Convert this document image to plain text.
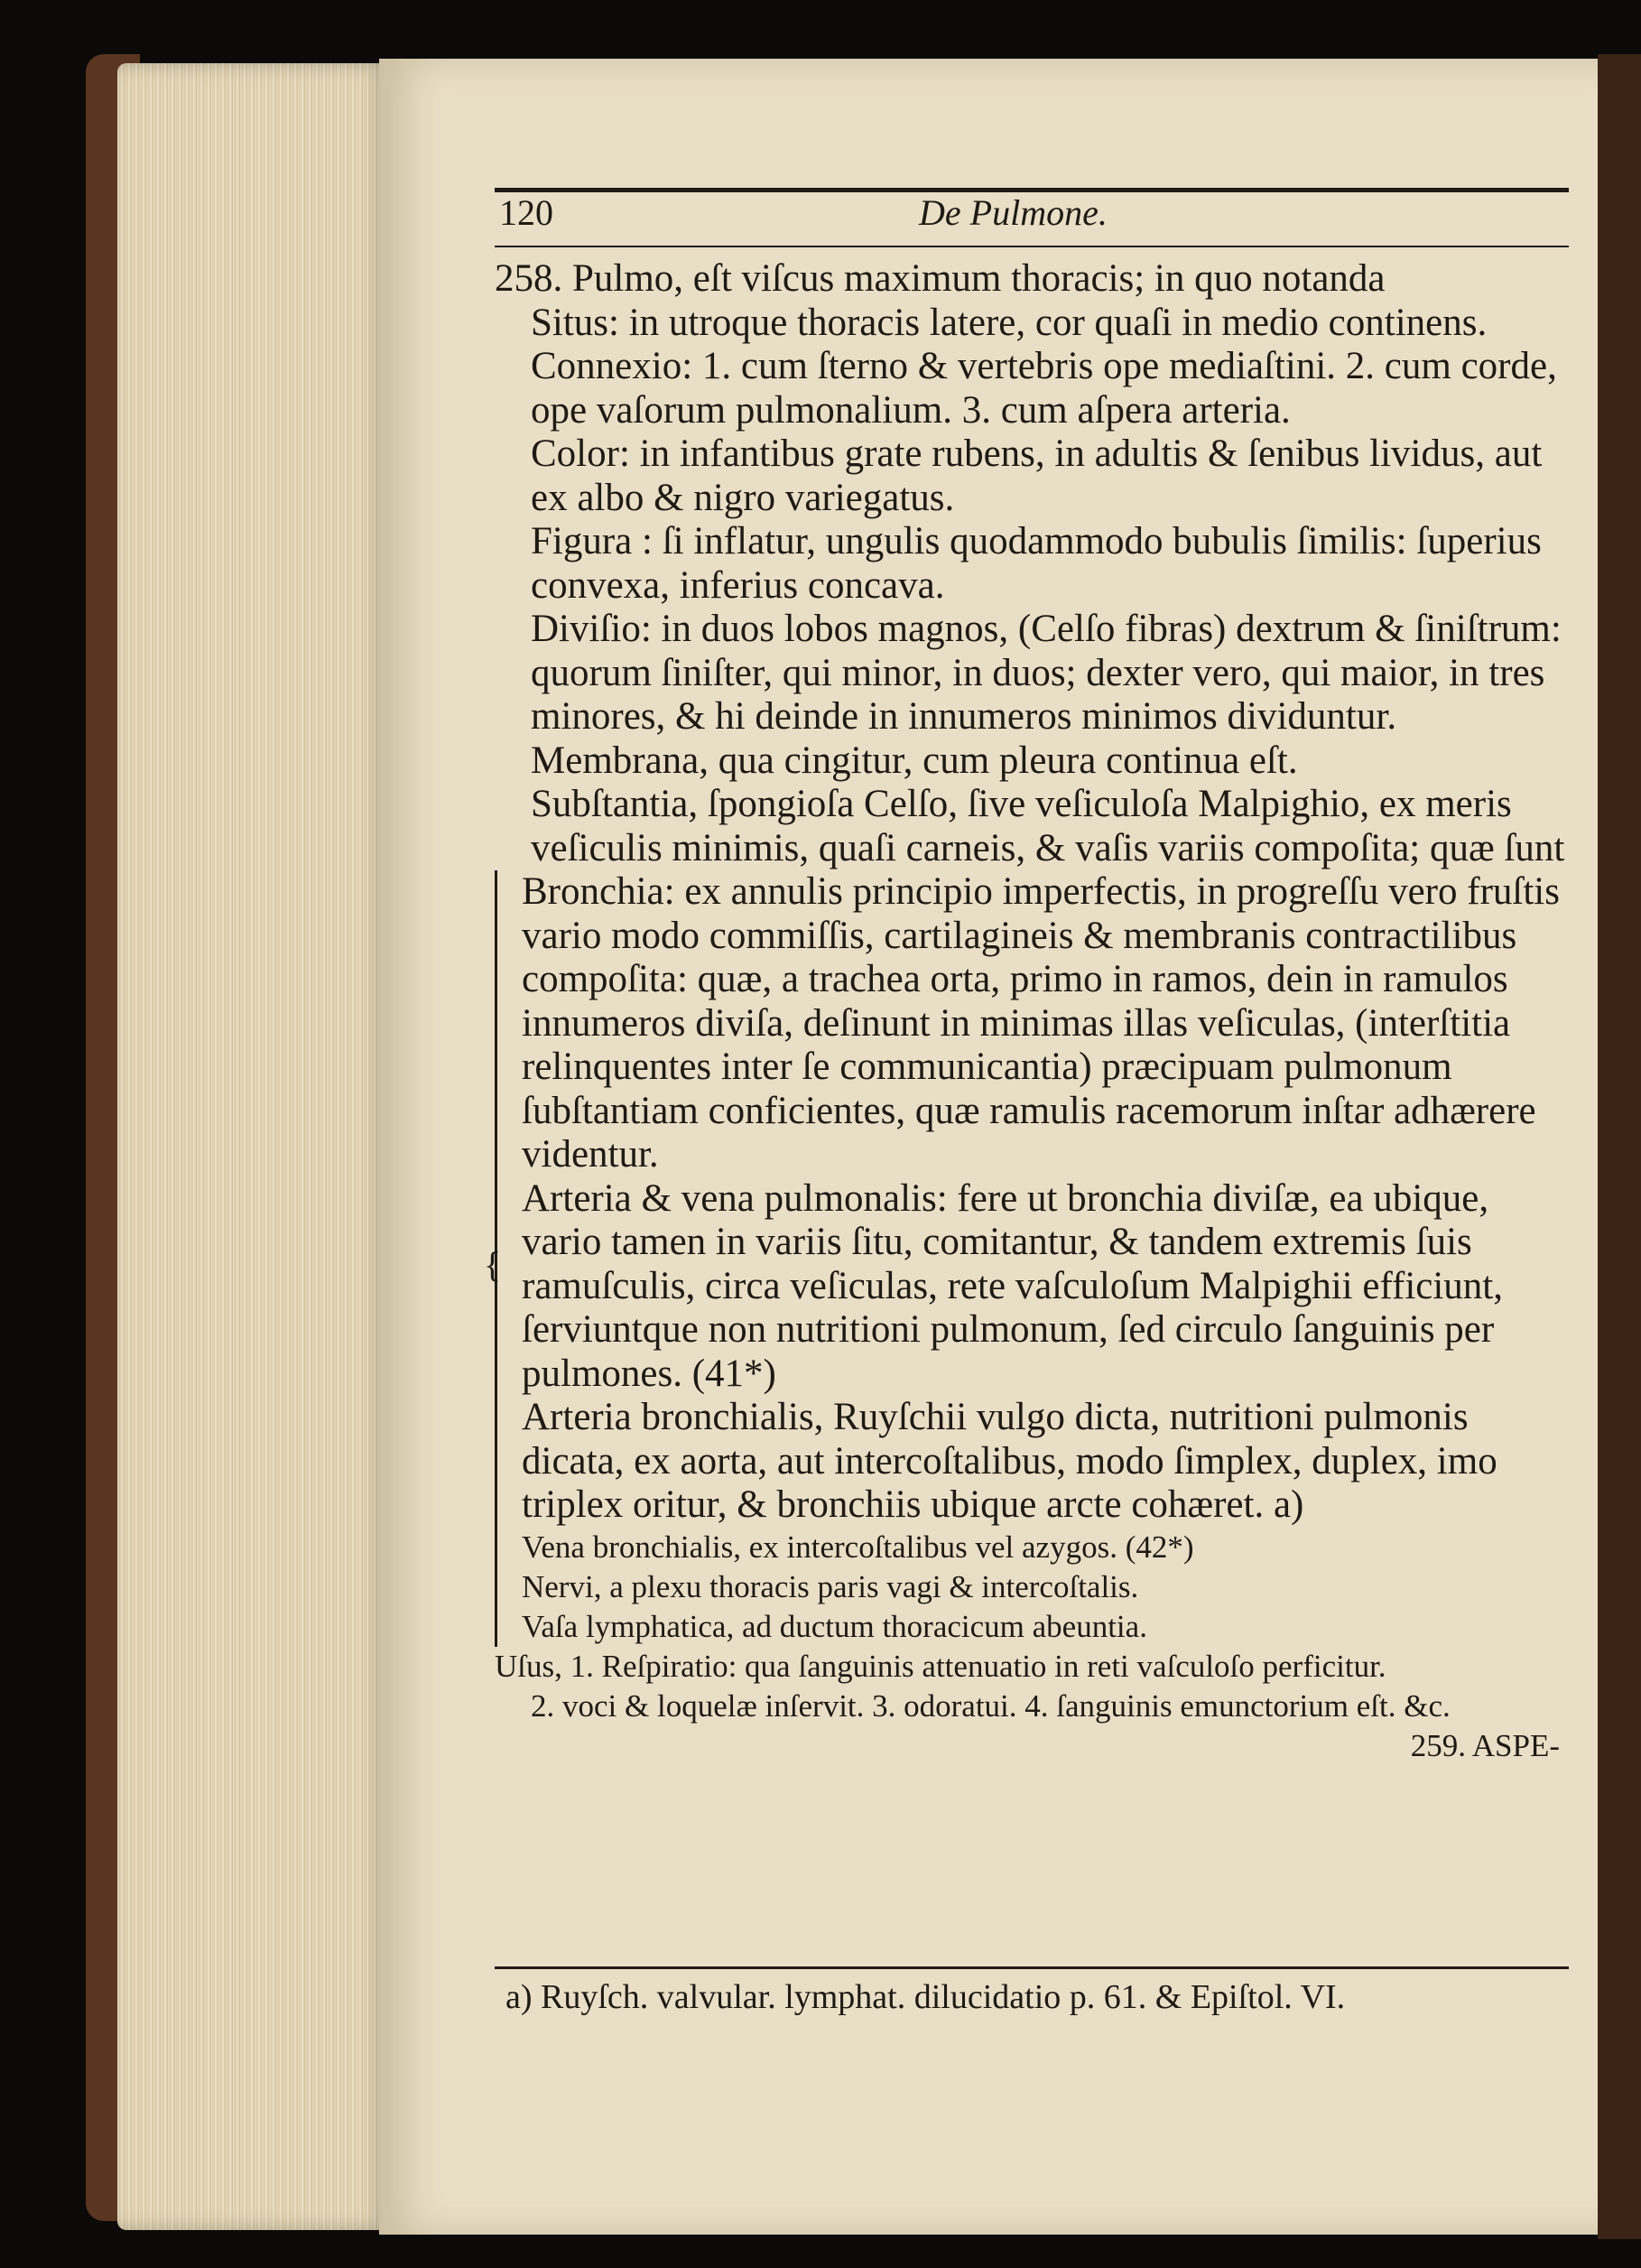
120	De Pulmone.

258. Pulmo, eſt viſcus maximum thoracis; in quo notanda

Situs: in utroque thoracis latere, cor quaſi in medio continens.

Connexio: 1. cum ſterno & vertebris ope mediaſtini. 2. cum corde, ope vaſorum pulmonalium. 3. cum aſpera arteria.

Color: in infantibus grate rubens, in adultis & ſenibus lividus, aut ex albo & nigro variegatus.

Figura : ſi inflatur, ungulis quodammodo bubulis ſimilis: ſuperius convexa, inferius concava.

Diviſio: in duos lobos magnos, (Celſo fibras) dextrum & ſiniſtrum: quorum ſiniſter, qui minor, in duos; dexter vero, qui maior, in tres minores, & hi deinde in innumeros minimos dividuntur.

Membrana, qua cingitur, cum pleura continua eſt.

Subſtantia, ſpongioſa Celſo, ſive veſiculoſa Malpighio, ex meris veſiculis minimis, quaſi carneis, & vaſis variis compoſita; quæ ſunt

{

Bronchia: ex annulis principio imperfectis, in progreſſu vero fruſtis vario modo commiſſis, cartilagineis & membranis contractilibus compoſita: quæ, a trachea orta, primo in ramos, dein in ramulos innumeros diviſa, deſinunt in minimas illas veſiculas, (interſtitia relinquentes inter ſe communicantia) præcipuam pulmonum ſubſtantiam conficientes, quæ ramulis racemorum inſtar adhærere videntur.

Arteria & vena pulmonalis: fere ut bronchia diviſæ, ea ubique, vario tamen in variis ſitu, comitantur, & tandem extremis ſuis ramuſculis, circa veſiculas, rete vaſculoſum Malpighii efficiunt, ſerviuntque non nutritioni pulmonum, ſed circulo ſanguinis per pulmones. (41*)

Arteria bronchialis, Ruyſchii vulgo dicta, nutritioni pulmonis dicata, ex aorta, aut intercoſtalibus, modo ſimplex, duplex, imo triplex oritur, & bronchiis ubique arcte cohæret. a)

Vena bronchialis, ex intercoſtalibus vel azygos. (42*)

Nervi, a plexu thoracis paris vagi & intercoſtalis.

Vaſa lymphatica, ad ductum thoracicum abeuntia.

Uſus, 1. Reſpiratio: qua ſanguinis attenuatio in reti vaſculoſo perficitur.

2. voci & loquelæ inſervit. 3. odoratui. 4. ſanguinis emunctorium eſt. &c.

259. ASPE-

a) Ruyſch. valvular. lymphat. dilucidatio p. 61. & Epiſtol. VI.
